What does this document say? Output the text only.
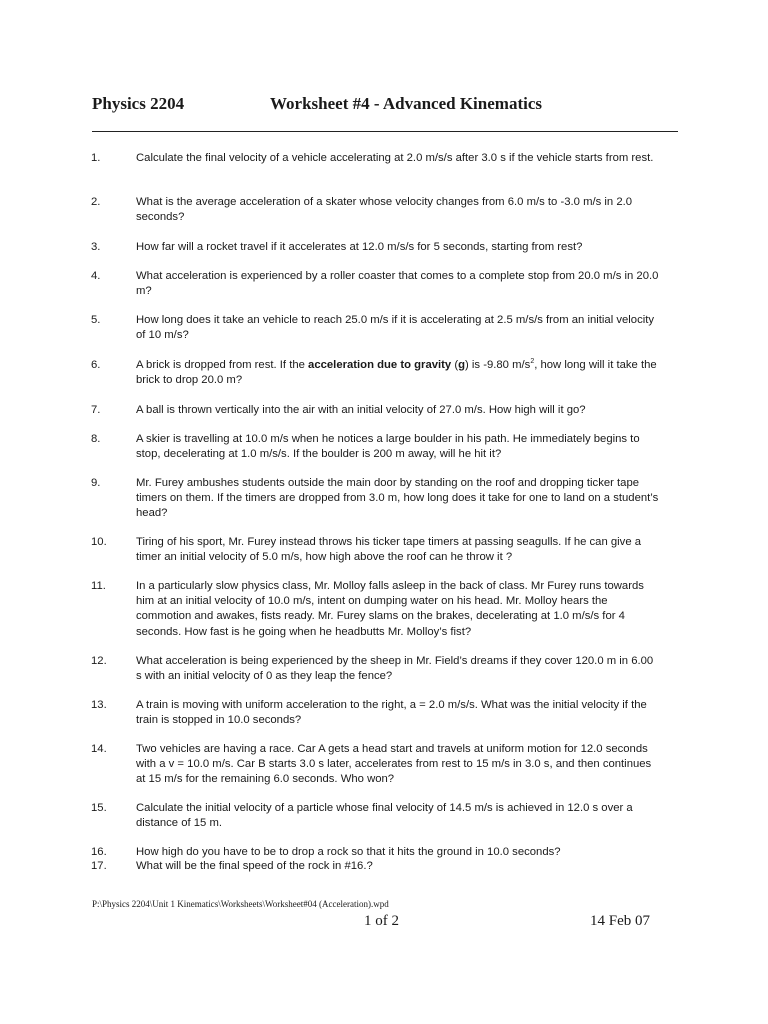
Physics 2204	Worksheet #4 - Advanced Kinematics
1.	Calculate the final velocity of a vehicle accelerating at 2.0 m/s/s after 3.0 s if the vehicle starts from rest.
2.	What is the average acceleration of a skater whose velocity changes from 6.0 m/s to -3.0 m/s in 2.0 seconds?
3.	How far will a rocket travel if it accelerates at 12.0 m/s/s for 5 seconds, starting from rest?
4.	What acceleration is experienced by a roller coaster that comes to a complete stop from 20.0 m/s in 20.0 m?
5.	How long does it take an vehicle to reach 25.0 m/s if it is accelerating at 2.5 m/s/s from an initial velocity of 10 m/s?
6.	A brick is dropped from rest. If the acceleration due to gravity (g) is -9.80 $m/s^2$, how long will it take the brick to drop 20.0 m?
7.	A ball is thrown vertically into the air with an initial velocity of 27.0 m/s. How high will it go?
8.	A skier is travelling at 10.0 m/s when he notices a large boulder in his path. He immediately begins to stop, decelerating at 1.0 m/s/s. If the boulder is 200 m away, will he hit it?
9.	Mr. Furey ambushes students outside the main door by standing on the roof and dropping ticker tape timers on them. If the timers are dropped from 3.0 m, how long does it take for one to land on a student’s head?
10.	Tiring of his sport, Mr. Furey instead throws his ticker tape timers at passing seagulls. If he can give a timer an initial velocity of 5.0 m/s, how high above the roof can he throw it ?
11.	In a particularly slow physics class, Mr. Molloy falls asleep in the back of class. Mr Furey runs towards him at an initial velocity of 10.0 m/s, intent on dumping water on his head. Mr. Molloy hears the commotion and awakes, fists ready. Mr. Furey slams on the brakes, decelerating at 1.0 m/s/s for 4 seconds. How fast is he going when he headbutts Mr. Molloy’s fist?
12.	What acceleration is being experienced by the sheep in Mr. Field’s dreams if they cover 120.0 m in 6.00 s with an initial velocity of 0 as they leap the fence?
13.	A train is moving with uniform acceleration to the right, a = 2.0 m/s/s. What was the initial velocity if the train is stopped in 10.0 seconds?
14.	Two vehicles are having a race. Car A gets a head start and travels at uniform motion for 12.0 seconds with a v = 10.0 m/s. Car B starts 3.0 s later, accelerates from rest to 15 m/s in 3.0 s, and then continues at 15 m/s for the remaining 6.0 seconds. Who won?
15.	Calculate the initial velocity of a particle whose final velocity of 14.5 m/s is achieved in 12.0 s over a distance of 15 m.
16.	How high do you have to be to drop a rock so that it hits the ground in 10.0 seconds?
17.	What will be the final speed of the rock in #16.?
P:\Physics 2204\Unit 1 Kinematics\Worksheets\Worksheet#04 (Acceleration).wpd
1 of 2	14 Feb 07
